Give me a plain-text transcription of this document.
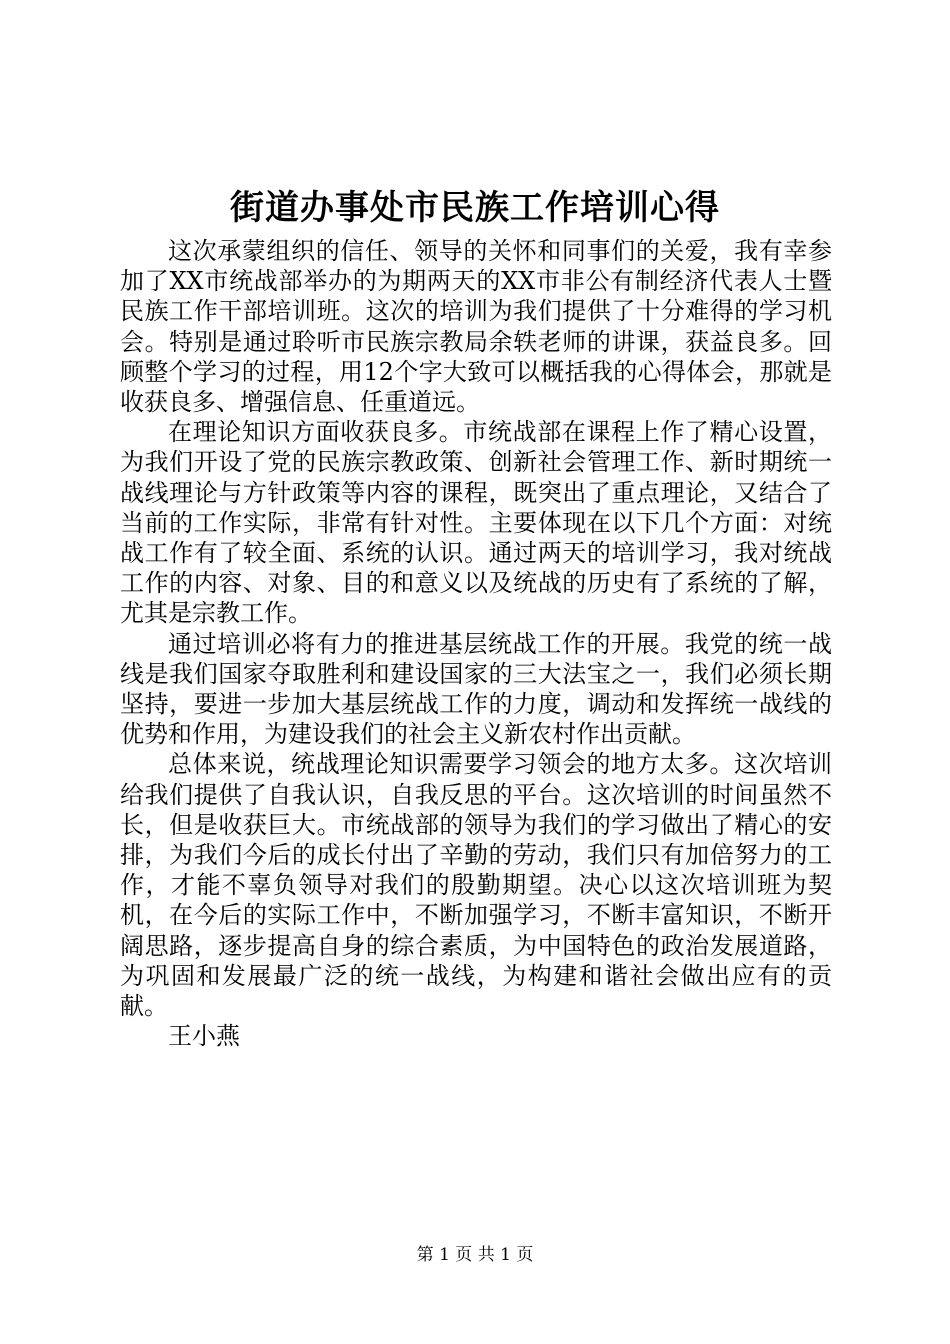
街道办事处市民族工作培训心得

这次承蒙组织的信任、领导的关怀和同事们的关爱，我有幸参加了XX市统战部举办的为期两天的XX市非公有制经济代表人士暨民族工作干部培训班。这次的培训为我们提供了十分难得的学习机会。特别是通过聆听市民族宗教局余轶老师的讲课，获益良多。回顾整个学习的过程，用12个字大致可以概括我的心得体会，那就是收获良多、增强信息、任重道远。

在理论知识方面收获良多。市统战部在课程上作了精心设置，为我们开设了党的民族宗教政策、创新社会管理工作、新时期统一战线理论与方针政策等内容的课程，既突出了重点理论，又结合了当前的工作实际，非常有针对性。主要体现在以下几个方面：对统战工作有了较全面、系统的认识。通过两天的培训学习，我对统战工作的内容、对象、目的和意义以及统战的历史有了系统的了解，尤其是宗教工作。

通过培训必将有力的推进基层统战工作的开展。我党的统一战线是我们国家夺取胜利和建设国家的三大法宝之一，我们必须长期坚持，要进一步加大基层统战工作的力度，调动和发挥统一战线的优势和作用，为建设我们的社会主义新农村作出贡献。

总体来说，统战理论知识需要学习领会的地方太多。这次培训给我们提供了自我认识，自我反思的平台。这次培训的时间虽然不长，但是收获巨大。市统战部的领导为我们的学习做出了精心的安排，为我们今后的成长付出了辛勤的劳动，我们只有加倍努力的工作，才能不辜负领导对我们的殷勤期望。决心以这次培训班为契机，在今后的实际工作中，不断加强学习，不断丰富知识，不断开阔思路，逐步提高自身的综合素质，为中国特色的政治发展道路，为巩固和发展最广泛的统一战线，为构建和谐社会做出应有的贡献。

王小燕

第 1 页 共 1 页
